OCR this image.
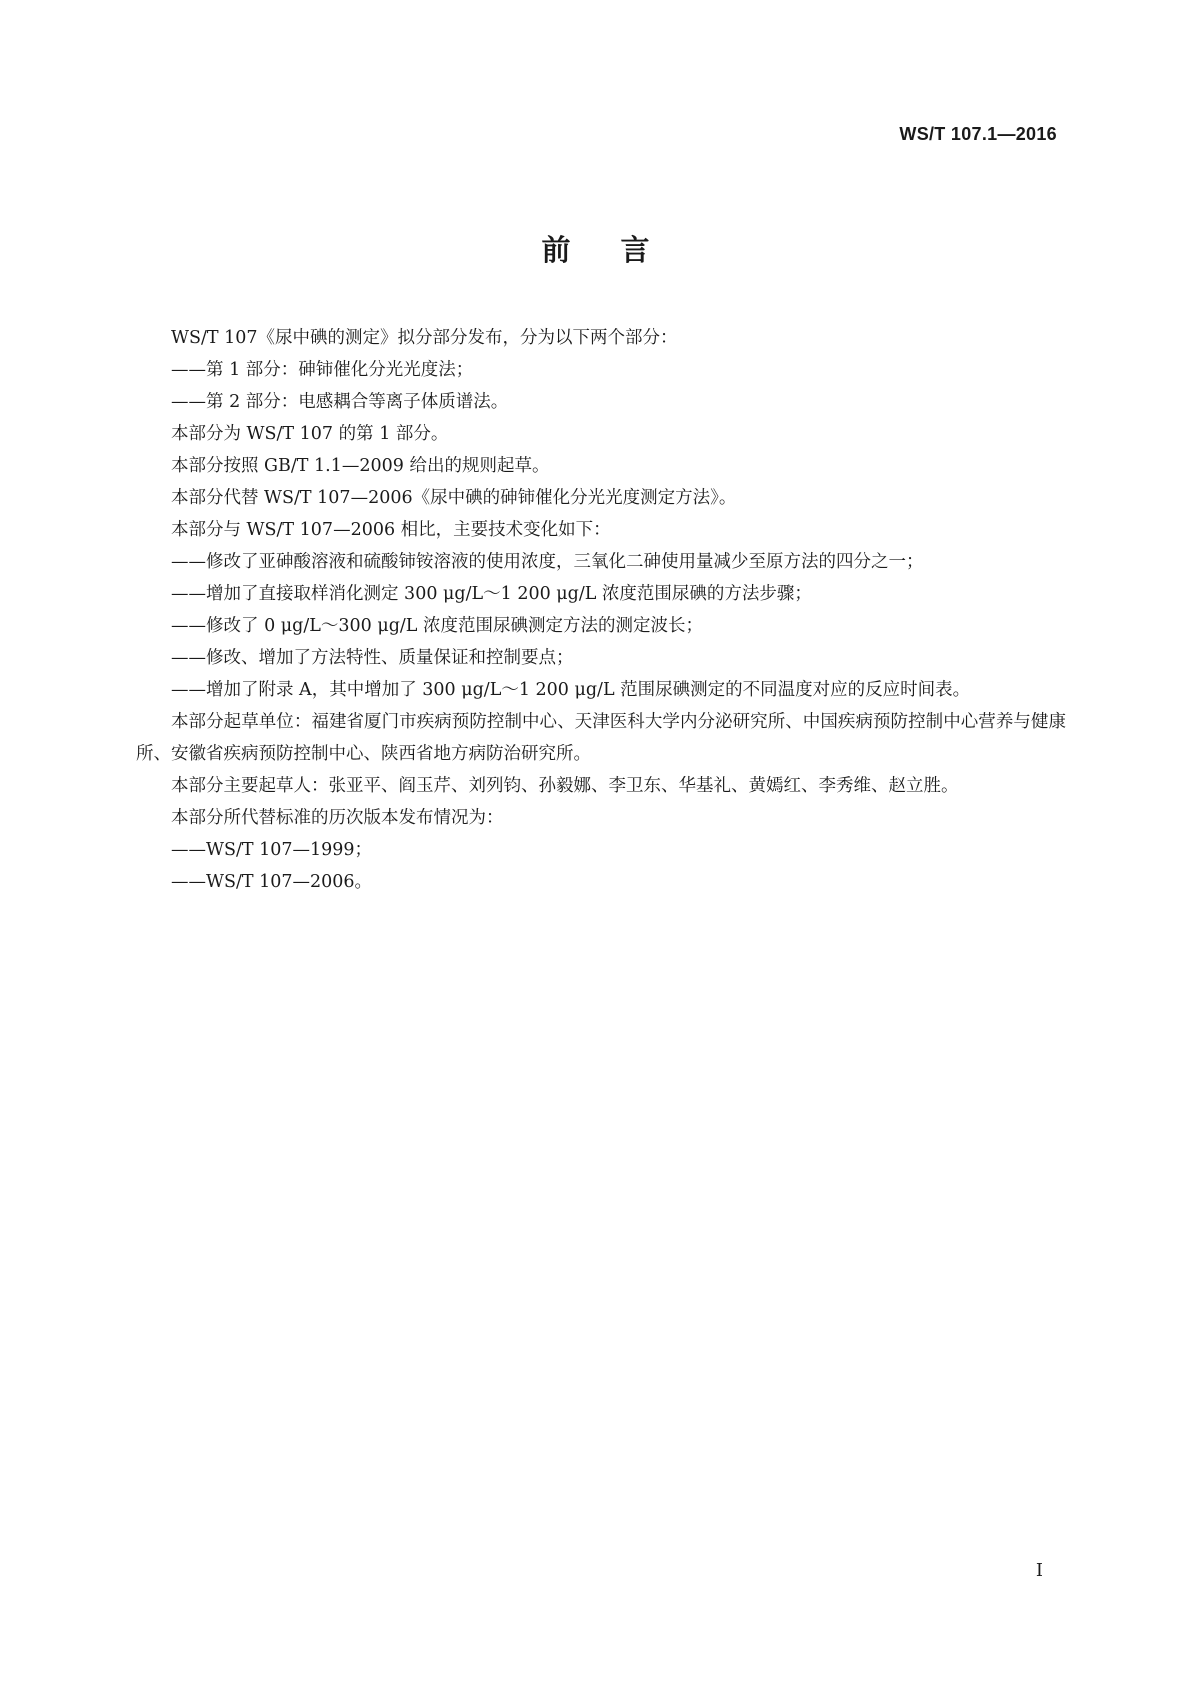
WS/T 107.1—2016
前言

WS/T 107《尿中碘的测定》拟分部分发布，分为以下两个部分：

——第 1 部分：砷铈催化分光光度法；

——第 2 部分：电感耦合等离子体质谱法。

本部分为 WS/T 107 的第 1 部分。

本部分按照 GB/T 1.1—2009 给出的规则起草。

本部分代替 WS/T 107—2006《尿中碘的砷铈催化分光光度测定方法》。

本部分与 WS/T 107—2006 相比，主要技术变化如下：

——修改了亚砷酸溶液和硫酸铈铵溶液的使用浓度，三氧化二砷使用量减少至原方法的四分之一；

——增加了直接取样消化测定 300 μg/L～1 200 μg/L 浓度范围尿碘的方法步骤；

——修改了 0 μg/L～300 μg/L 浓度范围尿碘测定方法的测定波长；

——修改、增加了方法特性、质量保证和控制要点；

——增加了附录 A，其中增加了 300 μg/L～1 200 μg/L 范围尿碘测定的不同温度对应的反应时间表。

本部分起草单位：福建省厦门市疾病预防控制中心、天津医科大学内分泌研究所、中国疾病预防控制中心营养与健康所、安徽省疾病预防控制中心、陕西省地方病防治研究所。

本部分主要起草人：张亚平、阎玉芹、刘列钧、孙毅娜、李卫东、华基礼、黄嫣红、李秀维、赵立胜。

本部分所代替标准的历次版本发布情况为：

——WS/T 107—1999；

——WS/T 107—2006。

I
